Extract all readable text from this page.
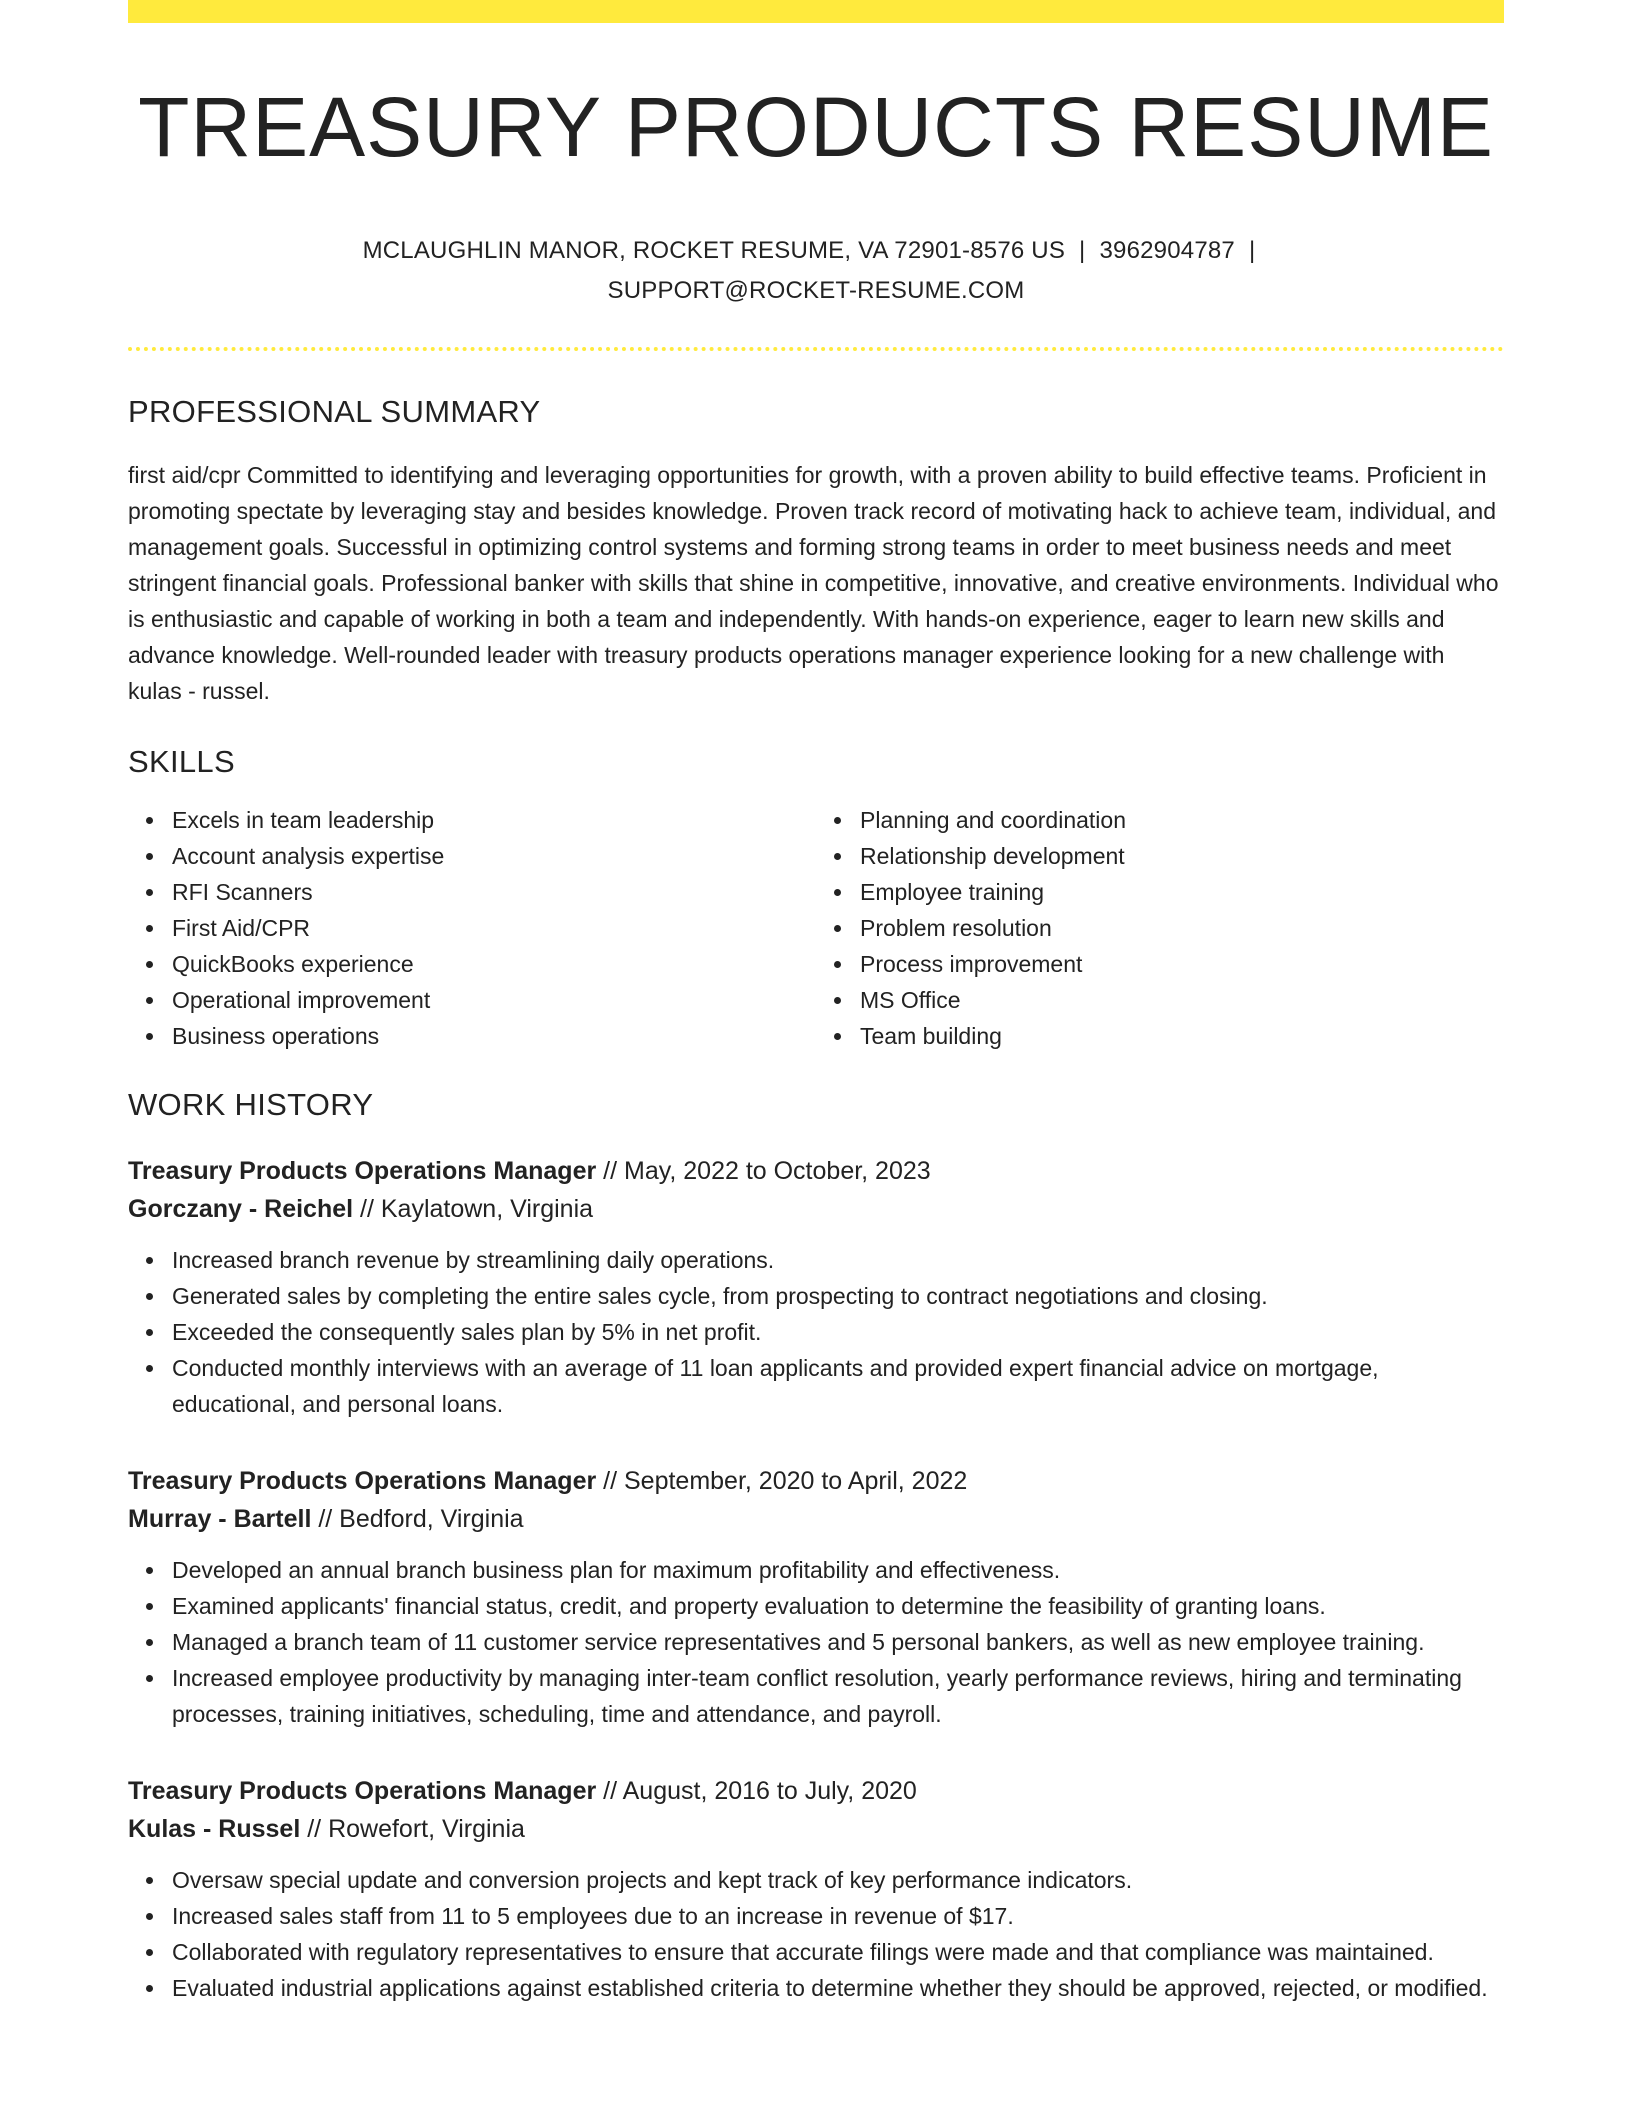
TREASURY PRODUCTS RESUME
MCLAUGHLIN MANOR, ROCKET RESUME, VA 72901-8576 US | 3962904787 |
SUPPORT@ROCKET-RESUME.COM
PROFESSIONAL SUMMARY

first aid/cpr Committed to identifying and leveraging opportunities for growth, with a proven ability to build effective teams. Proficient in promoting spectate by leveraging stay and besides knowledge. Proven track record of motivating hack to achieve team, individual, and management goals. Successful in optimizing control systems and forming strong teams in order to meet business needs and meet stringent financial goals. Professional banker with skills that shine in competitive, innovative, and creative environments. Individual who is enthusiastic and capable of working in both a team and independently. With hands-on experience, eager to learn new skills and advance knowledge. Well-rounded leader with treasury products operations manager experience looking for a new challenge with kulas - russel.

SKILLS
Excels in team leadership
Account analysis expertise
RFI Scanners
First Aid/CPR
QuickBooks experience
Operational improvement
Business operations
Planning and coordination
Relationship development
Employee training
Problem resolution
Process improvement
MS Office
Team building
WORK HISTORY
Treasury Products Operations Manager // May, 2022 to October, 2023
Gorczany - Reichel // Kaylatown, Virginia
Increased branch revenue by streamlining daily operations.
Generated sales by completing the entire sales cycle, from prospecting to contract negotiations and closing.
Exceeded the consequently sales plan by 5% in net profit.
Conducted monthly interviews with an average of 11 loan applicants and provided expert financial advice on mortgage, educational, and personal loans.
Treasury Products Operations Manager // September, 2020 to April, 2022
Murray - Bartell // Bedford, Virginia
Developed an annual branch business plan for maximum profitability and effectiveness.
Examined applicants' financial status, credit, and property evaluation to determine the feasibility of granting loans.
Managed a branch team of 11 customer service representatives and 5 personal bankers, as well as new employee training.
Increased employee productivity by managing inter-team conflict resolution, yearly performance reviews, hiring and terminating processes, training initiatives, scheduling, time and attendance, and payroll.
Treasury Products Operations Manager // August, 2016 to July, 2020
Kulas - Russel // Rowefort, Virginia
Oversaw special update and conversion projects and kept track of key performance indicators.
Increased sales staff from 11 to 5 employees due to an increase in revenue of $17.
Collaborated with regulatory representatives to ensure that accurate filings were made and that compliance was maintained.
Evaluated industrial applications against established criteria to determine whether they should be approved, rejected, or modified.
